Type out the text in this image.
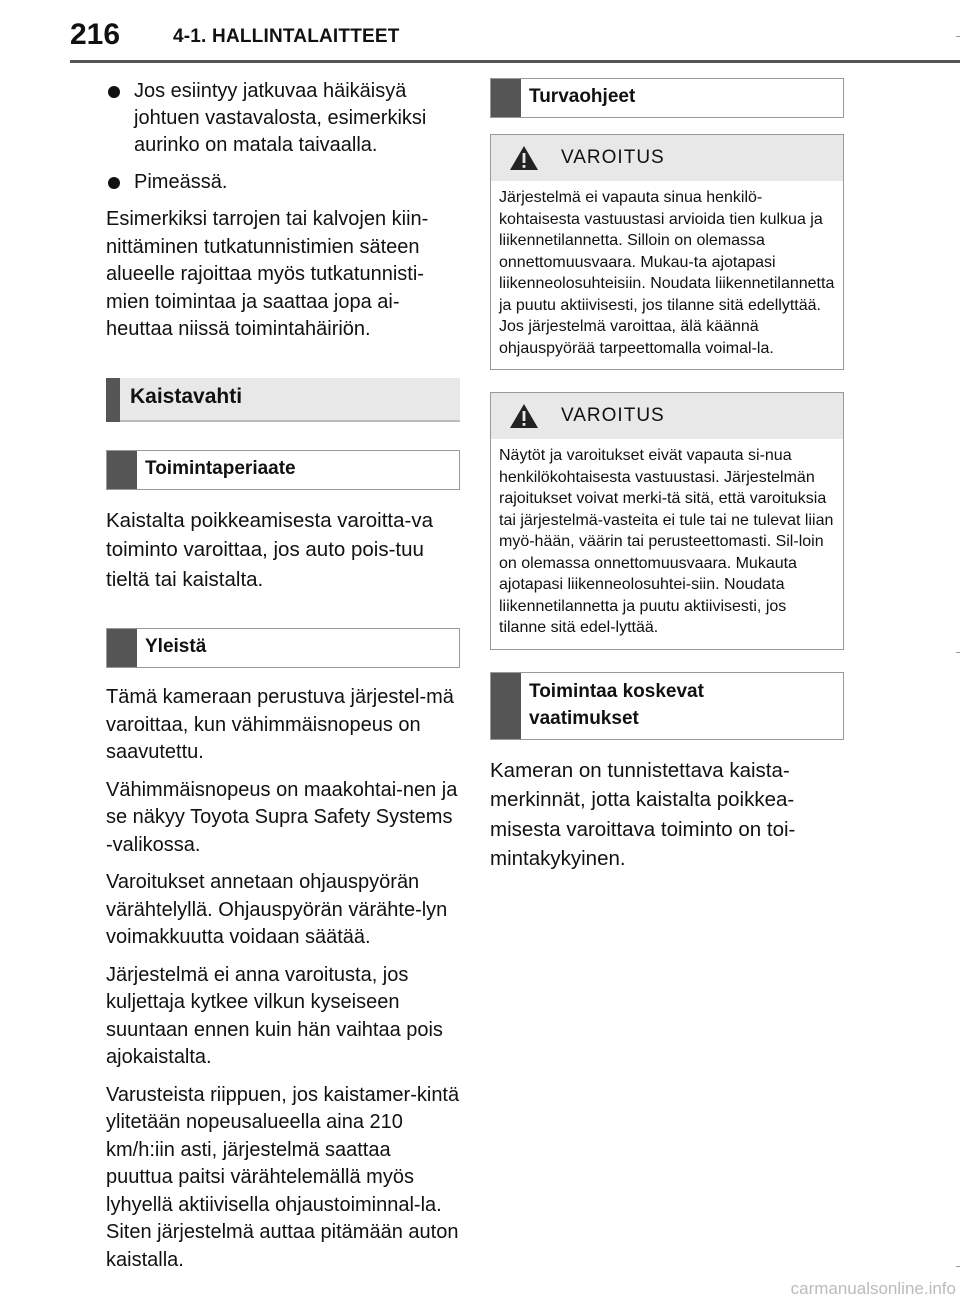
216	4-1. HALLINTALAITTEET
Jos esiintyy jatkuvaa häikäisyä johtuen vastavalosta, esimerkiksi aurinko on matala taivaalla.
Pimeässä.

Esimerkiksi tarrojen tai kalvojen kiin-nittäminen tutkatunnistimien säteen alueelle rajoittaa myös tutkatunnisti-mien toimintaa ja saattaa jopa ai-heuttaa niissä toimintahäiriön.

Kaistavahti
Toimintaperiaate

Kaistalta poikkeamisesta varoitta-va toiminto varoittaa, jos auto pois-tuu tieltä tai kaistalta.

Yleistä

Tämä kameraan perustuva järjestel-mä varoittaa, kun vähimmäisnopeus on saavutettu.

Vähimmäisnopeus on maakohtai-nen ja se näkyy Toyota Supra Safety Systems -valikossa.

Varoitukset annetaan ohjauspyörän värähtelyllä. Ohjauspyörän värähte-lyn voimakkuutta voidaan säätää.

Järjestelmä ei anna varoitusta, jos kuljettaja kytkee vilkun kyseiseen suuntaan ennen kuin hän vaihtaa pois ajokaistalta.

Varusteista riippuen, jos kaistamer-kintä ylitetään nopeusalueella aina 210 km/h:iin asti, järjestelmä saattaa puuttua paitsi värähtelemällä myös lyhyellä aktiivisella ohjaustoiminnal-la. Siten järjestelmä auttaa pitämään auton kaistalla.

Turvaohjeet
VAROITUS
Järjestelmä ei vapauta sinua henkilö-kohtaisesta vastuustasi arvioida tien kulkua ja liikennetilannetta. Silloin on olemassa onnettomuusvaara. Mukau-ta ajotapasi liikenneolosuhteisiin. Noudata liikennetilannetta ja puutu aktiivisesti, jos tilanne sitä edellyttää. Jos järjestelmä varoittaa, älä käännä ohjauspyörää tarpeettomalla voimal-la.
VAROITUS
Näytöt ja varoitukset eivät vapauta si-nua henkilökohtaisesta vastuustasi. Järjestelmän rajoitukset voivat merki-tä sitä, että varoituksia tai järjestelmä-vasteita ei tule tai ne tulevat liian myö-hään, väärin tai perusteettomasti. Sil-loin on olemassa onnettomuusvaara. Mukauta ajotapasi liikenneolosuhtei-siin. Noudata liikennetilannetta ja puutu aktiivisesti, jos tilanne sitä edel-lyttää.
Toimintaa koskevat vaatimukset

Kameran on tunnistettava kaista-merkinnät, jotta kaistalta poikkea-misesta varoittava toiminto on toi-mintakykyinen.

carmanualsonline.info
